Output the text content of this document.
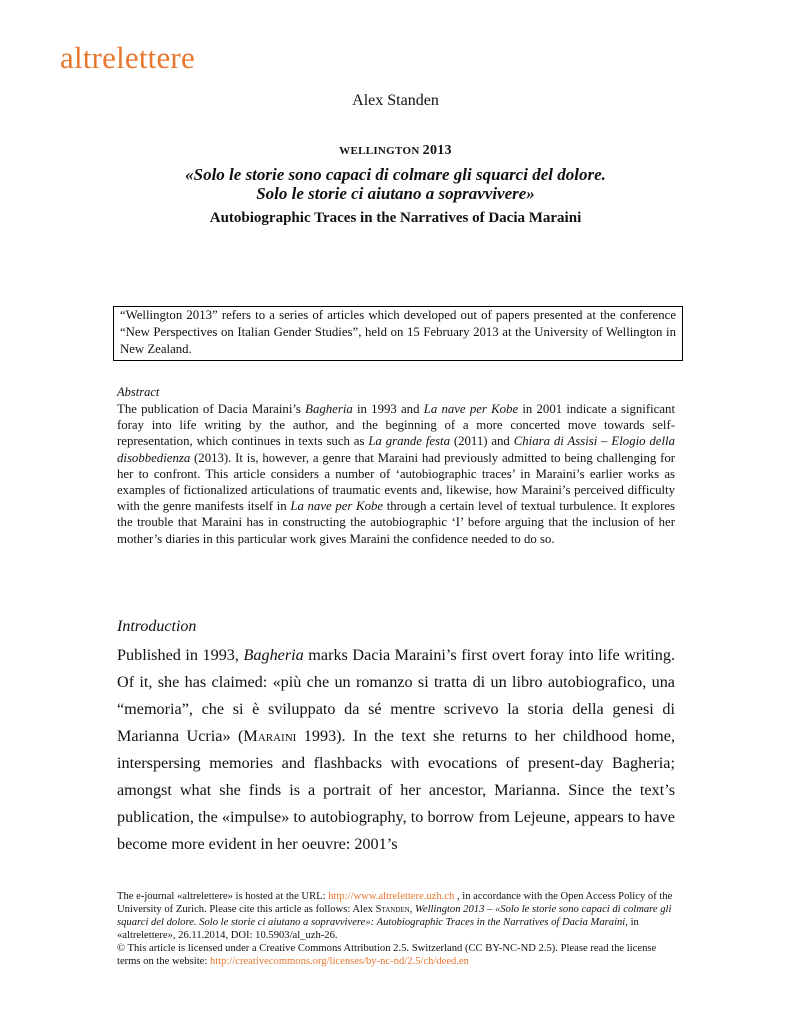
altrelettere
Alex Standen
WELLINGTON 2013
«Solo le storie sono capaci di colmare gli squarci del dolore.
Solo le storie ci aiutano a sopravvivere»
Autobiographic Traces in the Narratives of Dacia Maraini

“Wellington 2013” refers to a series of articles which developed out of papers presented at the conference “New Perspectives on Italian Gender Studies”, held on 15 February 2013 at the University of Wellington in New Zealand.

Abstract
The publication of Dacia Maraini’s Bagheria in 1993 and La nave per Kobe in 2001 indicate a significant foray into life writing by the author, and the beginning of a more concerted move towards self-representation, which continues in texts such as La grande festa (2011) and Chiara di Assisi – Elogio della disobbedienza (2013). It is, however, a genre that Maraini had previously admitted to being challenging for her to confront. This article considers a number of ‘autobiographic traces’ in Maraini’s earlier works as examples of fictionalized articulations of traumatic events and, likewise, how Maraini’s perceived difficulty with the genre manifests itself in La nave per Kobe through a certain level of textual turbulence. It explores the trouble that Maraini has in constructing the autobiographic ‘I’ before arguing that the inclusion of her mother’s diaries in this particular work gives Maraini the confidence needed to do so.
Introduction
Published in 1993, Bagheria marks Dacia Maraini’s first overt foray into life writing. Of it, she has claimed: «più che un romanzo si tratta di un libro autobiografico, una “memoria”, che si è sviluppato da sé mentre scrivevo la storia della genesi di Marianna Ucria» (Maraini 1993). In the text she returns to her childhood home, interspersing memories and flashbacks with evocations of present-day Bagheria; amongst what she finds is a portrait of her ancestor, Marianna. Since the text’s publication, the «impulse» to autobiography, to borrow from Lejeune, appears to have become more evident in her oeuvre: 2001’s

The e-journal «altrelettere» is hosted at the URL: http://www.altrelettere.uzh.ch , in accordance with the Open Access Policy of the University of Zurich. Please cite this article as follows: Alex Standen, Wellington 2013 – «Solo le storie sono capaci di colmare gli squarci del dolore. Solo le storie ci aiutano a sopravvivere»: Autobiographic Traces in the Narratives of Dacia Maraini, in «altrelettere», 26.11.2014, DOI: 10.5903/al_uzh-26.

© This article is licensed under a Creative Commons Attribution 2.5. Switzerland (CC BY-NC-ND 2.5). Please read the license terms on the website: http://creativecommons.org/licenses/by-nc-nd/2.5/ch/deed.en
